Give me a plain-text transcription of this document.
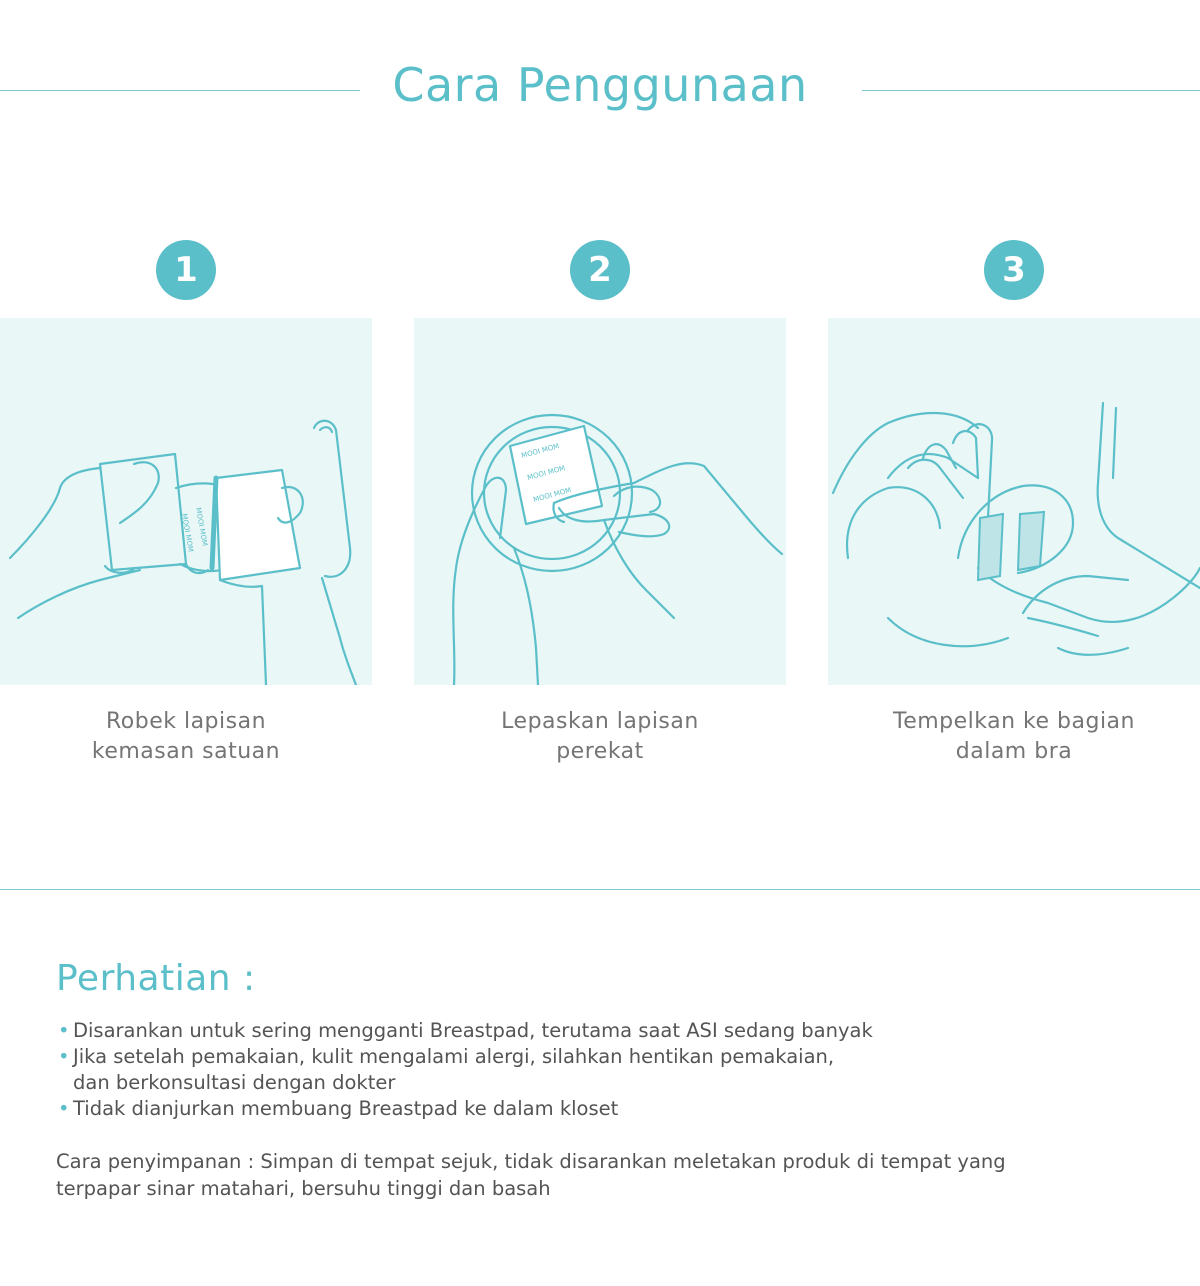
Cara Penggunaan
1
MOOI MOM MOOI MOM
Robek lapisan
kemasan satuan
2
MOOI MOM
MOOI MOM
MOOI MOM
Lepaskan lapisan
perekat
3
Tempelkan ke bagian
dalam bra
Perhatian :
• Disarankan untuk sering mengganti Breastpad, terutama saat ASI sedang banyak
• Jika setelah pemakaian, kulit mengalami alergi, silahkan hentikan pemakaian,
dan berkonsultasi dengan dokter
• Tidak dianjurkan membuang Breastpad ke dalam kloset

Cara penyimpanan : Simpan di tempat sejuk, tidak disarankan meletakan produk di tempat yang
terpapar sinar matahari, bersuhu tinggi dan basah
